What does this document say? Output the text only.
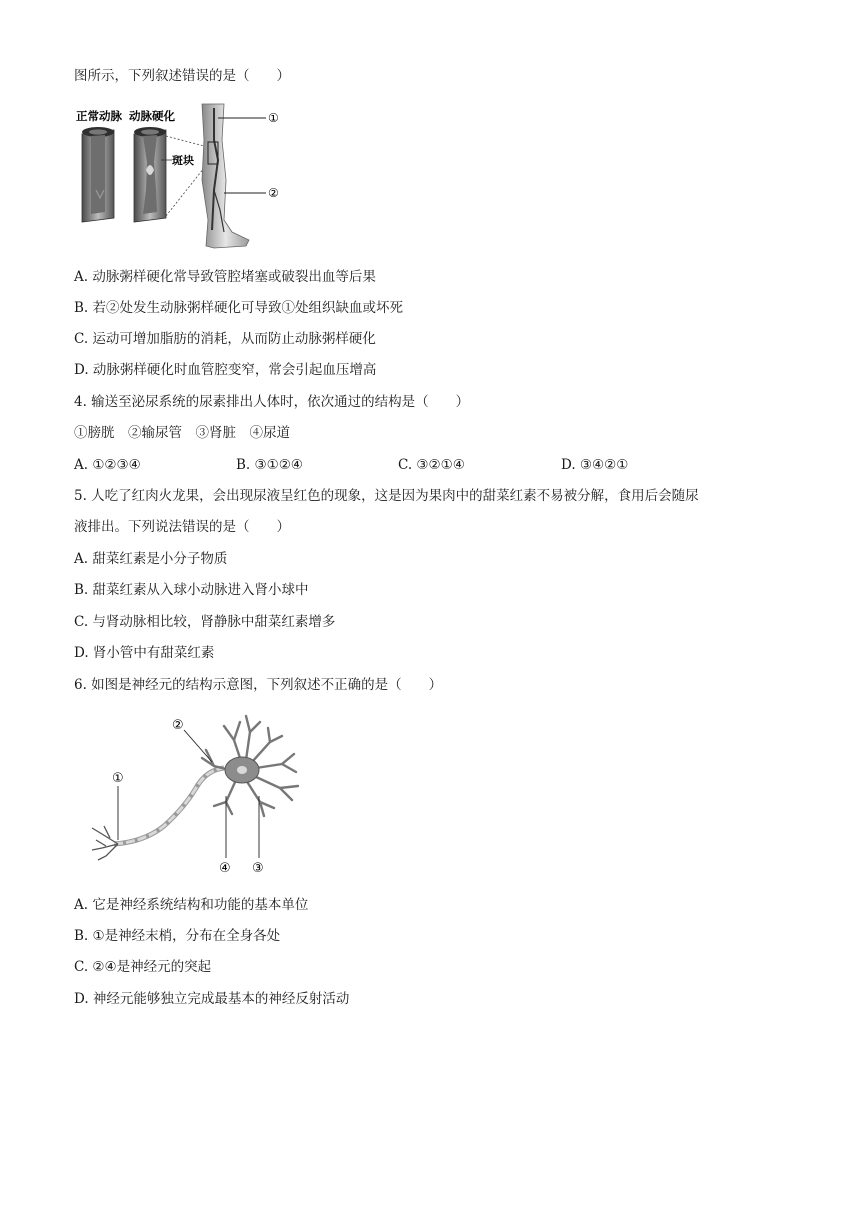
图所示，下列叙述错误的是（　　）
正常动脉 动脉硬化
斑块
①
②
A. 动脉粥样硬化常导致管腔堵塞或破裂出血等后果
B. 若②处发生动脉粥样硬化可导致①处组织缺血或坏死
C. 运动可增加脂肪的消耗，从而防止动脉粥样硬化
D. 动脉粥样硬化时血管腔变窄，常会引起血压增高
4. 输送至泌尿系统的尿素排出人体时，依次通过的结构是（　　）
①膀胱　②输尿管　③肾脏　④尿道
A. ①②③④	B. ③①②④	C. ③②①④	D. ③④②①
5. 人吃了红肉火龙果，会出现尿液呈红色的现象，这是因为果肉中的甜菜红素不易被分解，食用后会随尿
液排出。下列说法错误的是（　　）
A. 甜菜红素是小分子物质
B. 甜菜红素从入球小动脉进入肾小球中
C. 与肾动脉相比较，肾静脉中甜菜红素增多
D. 肾小管中有甜菜红素
6. 如图是神经元的结构示意图，下列叙述不正确的是（　　）
②
①
④ ③
A. 它是神经系统结构和功能的基本单位
B. ①是神经末梢，分布在全身各处
C. ②④是神经元的突起
D. 神经元能够独立完成最基本的神经反射活动
